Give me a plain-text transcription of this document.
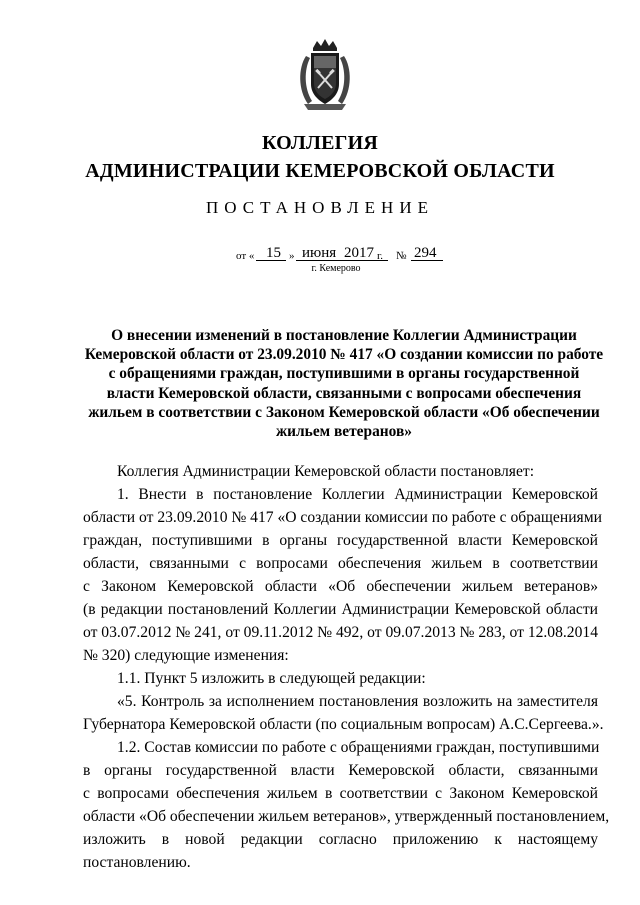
КОЛЛЕГИЯ
АДМИНИСТРАЦИИ КЕМЕРОВСКОЙ ОБЛАСТИ
ПОСТАНОВЛЕНИЕ
от « 15 » июня 2017 г. № 294
г. Кемерово
О внесении изменений в постановление Коллегии Администрации
Кемеровской области от 23.09.2010 № 417 «О создании комиссии по работе
с обращениями граждан, поступившими в органы государственной
власти Кемеровской области, связанными с вопросами обеспечения
жильем в соответствии с Законом Кемеровской области «Об обеспечении
жильем ветеранов»
Коллегия Администрации Кемеровской области постановляет:
1. Внести в постановление Коллегии Администрации Кемеровской
области от 23.09.2010 № 417 «О создании комиссии по работе с обращениями
граждан, поступившими в органы государственной власти Кемеровской
области, связанными с вопросами обеспечения жильем в соответствии
с Законом Кемеровской области «Об обеспечении жильем ветеранов»
(в редакции постановлений Коллегии Администрации Кемеровской области
от 03.07.2012 № 241, от 09.11.2012 № 492, от 09.07.2013 № 283, от 12.08.2014
№ 320) следующие изменения:
1.1. Пункт 5 изложить в следующей редакции:
«5. Контроль за исполнением постановления возложить на заместителя
Губернатора Кемеровской области (по социальным вопросам) А.С.Сергеева.».
1.2. Состав комиссии по работе с обращениями граждан, поступившими
в органы государственной власти Кемеровской области, связанными
с вопросами обеспечения жильем в соответствии с Законом Кемеровской
области «Об обеспечении жильем ветеранов», утвержденный постановлением,
изложить в новой редакции согласно приложению к настоящему
постановлению.
